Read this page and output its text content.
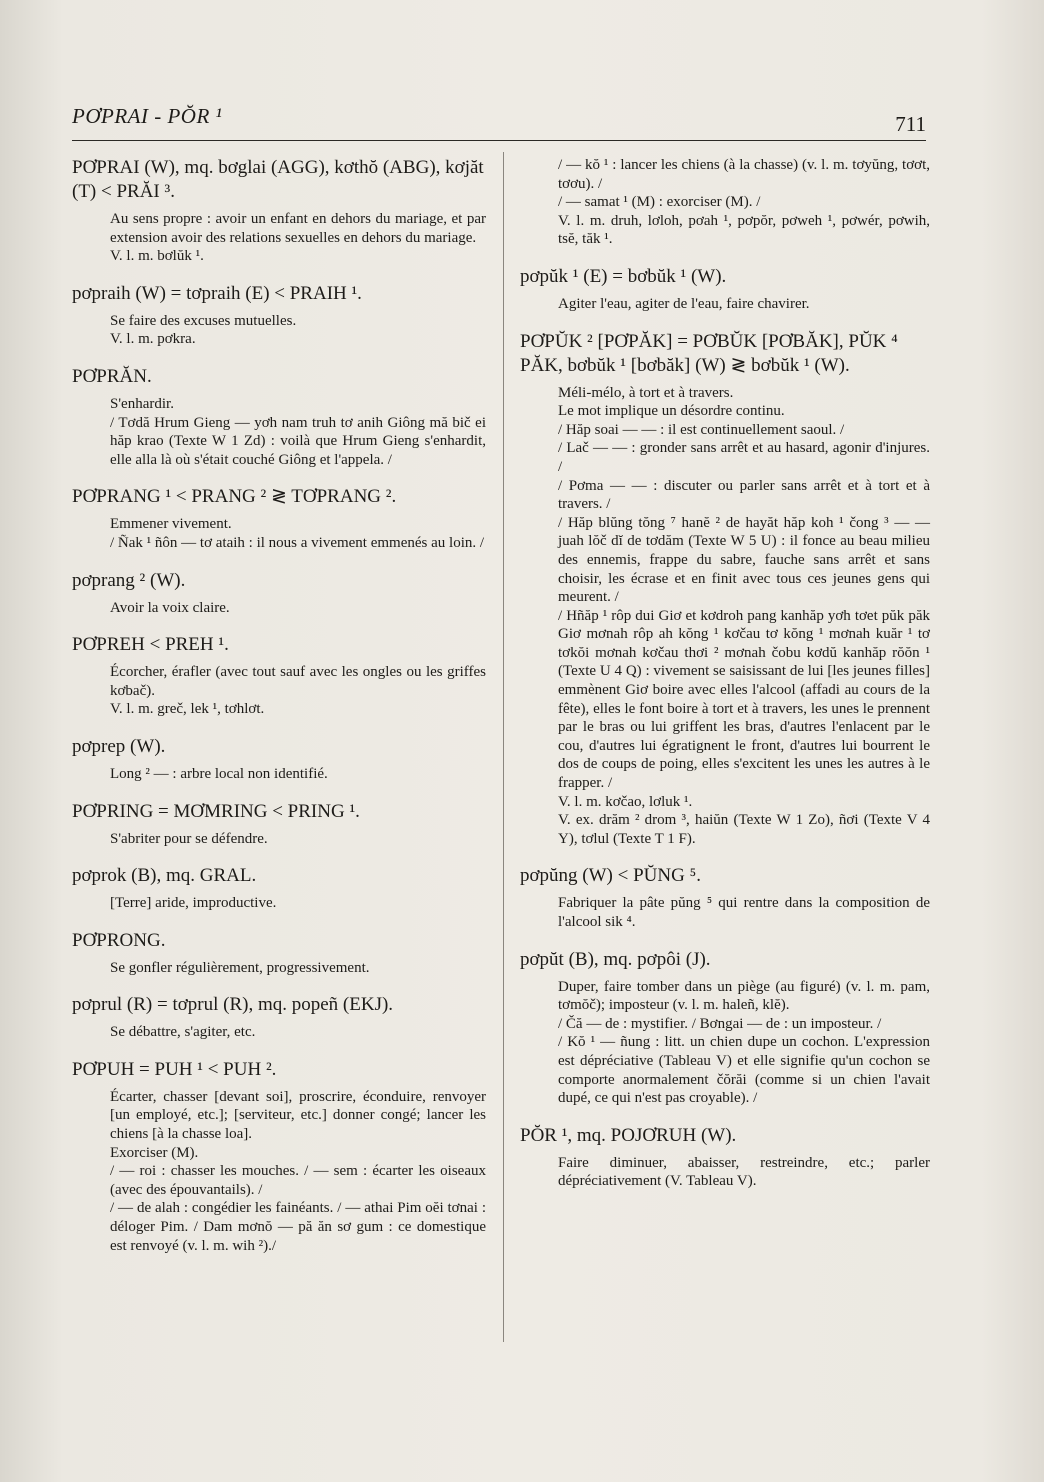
PƠPRAI - PŎR ¹	711
PƠPRAI (W), mq. bơglai (AGG), kơthŏ (ABG), kơjăt (T) < PRĂI ³.

Au sens propre : avoir un enfant en dehors du mariage, et par extension avoir des relations sexuelles en dehors du mariage.

V. l. m. bơlŭk ¹.

pơpraih (W) = tơpraih (E) < PRAIH ¹.

Se faire des excuses mutuelles.

V. l. m. pơkra.

PƠPRĂN.

S'enhardir.

/ Tơdă Hrum Gieng — yơh nam truh tơ anih Giông mă bič ei hăp krao (Texte W 1 Zd) : voilà que Hrum Gieng s'enhardit, elle alla là où s'était couché Giông et l'appela. /

PƠPRANG ¹ < PRANG ² ≷ TƠPRANG ².

Emmener vivement.

/ Ñak ¹ ñôn — tơ ataih : il nous a vivement emmenés au loin. /

pơprang ² (W).

Avoir la voix claire.

PƠPREH < PREH ¹.

Écorcher, érafler (avec tout sauf avec les ongles ou les griffes kơbač).

V. l. m. greč, lek ¹, tơhlơt.

pơprep (W).

Long ² — : arbre local non identifié.

PƠPRING = MƠMRING < PRING ¹.

S'abriter pour se défendre.

pơprok (B), mq. GRAL.

[Terre] aride, improductive.

PƠPRONG.

Se gonfler régulièrement, progressivement.

pơprul (R) = tơprul (R), mq. popeñ (EKJ).

Se débattre, s'agiter, etc.

PƠPUH = PUH ¹ < PUH ².

Écarter, chasser [devant soi], proscrire, éconduire, renvoyer [un employé, etc.]; [serviteur, etc.] donner congé; lancer les chiens [à la chasse loa].

Exorciser (M).

/ — roi : chasser les mouches. / — sem : écarter les oiseaux (avec des épouvantails). /

/ — de alah : congédier les fainéants. / — athai Pim oĕi tơnai : déloger Pim. / Dam mơnŏ — pă ăn sơ gum : ce domestique est renvoyé (v. l. m. wih ²)./

/ — kŏ ¹ : lancer les chiens (à la chasse) (v. l. m. tơyŭng, tơơt, tơơu). /

/ — samat ¹ (M) : exorciser (M). /

V. l. m. druh, lơloh, pơah ¹, pơpŏr, pơweh ¹, pơwér, pơwih, tsĕ, tăk ¹.

pơpŭk ¹ (E) = bơbŭk ¹ (W).

Agiter l'eau, agiter de l'eau, faire chavirer.

PƠPŬK ² [PƠPĂK] = PƠBŬK [PƠBĂK], PŬK ⁴ PĂK, bơbŭk ¹ [bơbăk] (W) ≷ bơbŭk ¹ (W).

Méli-mélo, à tort et à travers.

Le mot implique un désordre continu.

/ Hăp soai — — : il est continuellement saoul. /

/ Lač — — : gronder sans arrêt et au hasard, agonir d'injures. /

/ Pơma — — : discuter ou parler sans arrêt et à tort et à travers. /

/ Hăp blŭng tŏng ⁷ hanĕ ² de hayăt hăp koh ¹ čong ³ — — juah lŏč dĭ de tơdăm (Texte W 5 U) : il fonce au beau milieu des ennemis, frappe du sabre, fauche sans arrêt et sans choisir, les écrase et en finit avec tous ces jeunes gens qui meurent. /

/ Hñăp ¹ rôp dui Giơ et kơdroh pang kanhăp yơh tơet pŭk păk Giơ mơnah rôp ah kŏng ¹ kơčau tơ kŏng ¹ mơnah kuăr ¹ tơ tơkŏi mơnah kơčau thơi ² mơnah čobu kơdŭ kanhăp rŏŏn ¹ (Texte U 4 Q) : vivement se saisissant de lui [les jeunes filles] emmènent Giơ boire avec elles l'alcool (affadi au cours de la fête), elles le font boire à tort et à travers, les unes le prennent par le bras ou lui griffent les bras, d'autres l'enlacent par le cou, d'autres lui égratignent le front, d'autres lui bourrent le dos de coups de poing, elles s'excitent les unes les autres à le frapper. /

V. l. m. kơčao, lơluk ¹.

V. ex. drăm ² drom ³, haiŭn (Texte W 1 Zo), ñơi (Texte V 4 Y), tơlul (Texte T 1 F).

pơpŭng (W) < PŬNG ⁵.

Fabriquer la pâte pŭng ⁵ qui rentre dans la composition de l'alcool sik ⁴.

pơpŭt (B), mq. pơpôi (J).

Duper, faire tomber dans un piège (au figuré) (v. l. m. pam, tơmŏč); imposteur (v. l. m. haleñ, klĕ).

/ Čă — de : mystifier. / Bơngai — de : un imposteur. /

/ Kŏ ¹ — ñung : litt. un chien dupe un cochon. L'expression est dépréciative (Tableau V) et elle signifie qu'un cochon se comporte anormalement čŏrăi (comme si un chien l'avait dupé, ce qui n'est pas croyable). /

PŎR ¹, mq. POJƠRUH (W).

Faire diminuer, abaisser, restreindre, etc.; parler dépréciativement (V. Tableau V).
